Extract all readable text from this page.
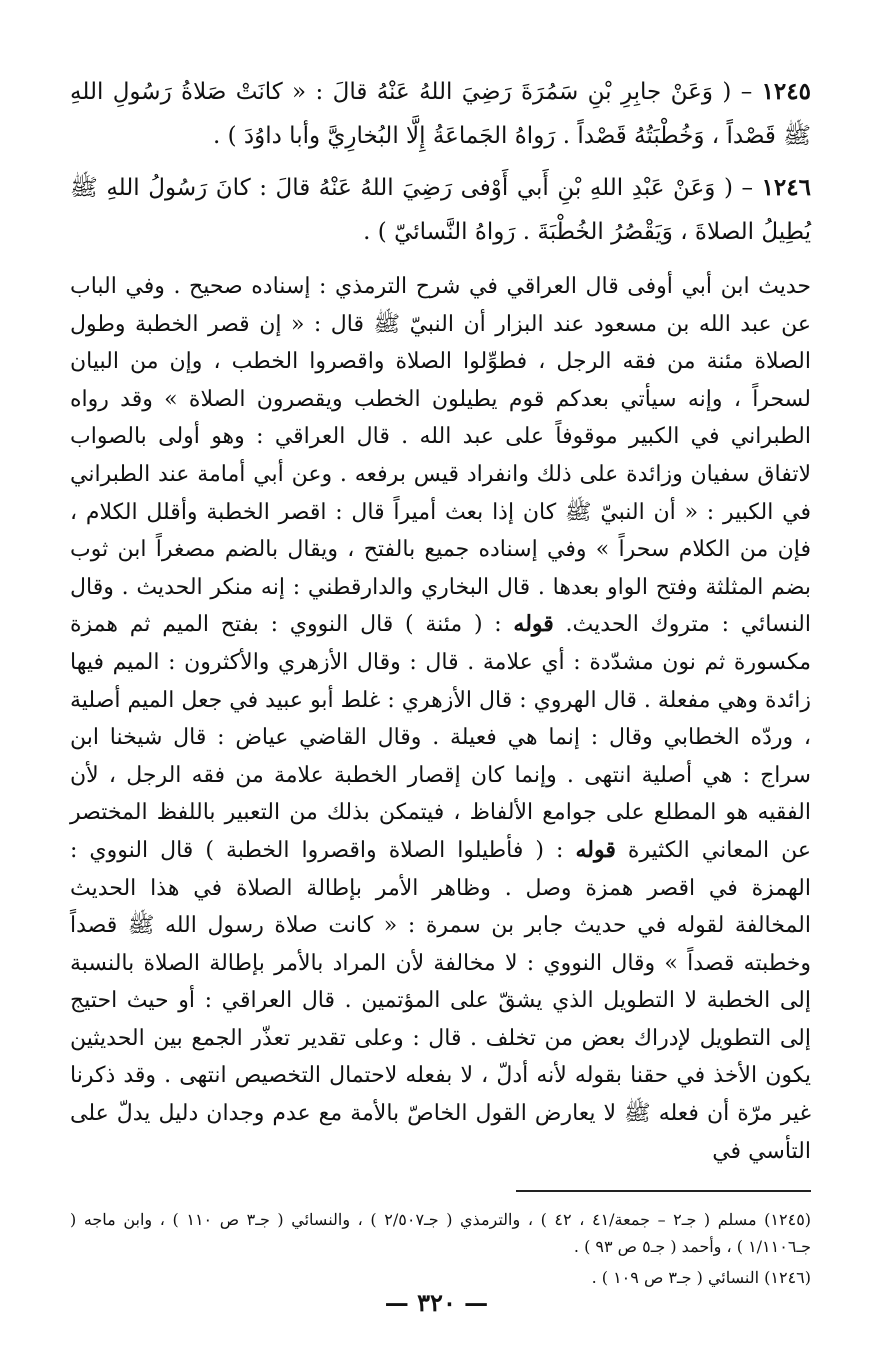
١٢٤٥ – ( وَعَنْ جابِرِ بْنِ سَمُرَةَ رَضِيَ اللهُ عَنْهُ قالَ : « كانَتْ صَلاةُ رَسُولِ اللهِ ﷺ قَصْداً ، وَخُطْبَتُهُ قَصْداً . رَواهُ الجَماعَةُ إِلَّا البُخارِيَّ وأبا داوُدَ ) .

١٢٤٦ – ( وَعَنْ عَبْدِ اللهِ بْنِ أَبي أَوْفى رَضِيَ اللهُ عَنْهُ قالَ : كانَ رَسُولُ اللهِ ﷺ يُطِيلُ الصلاةَ ، وَيَقْصُرُ الخُطْبَةَ . رَواهُ النَّسائيّ ) .

حديث ابن أبي أوفى قال العراقي في شرح الترمذي : إسناده صحيح . وفي الباب عن عبد الله بن مسعود عند البزار أن النبيّ ﷺ قال : « إن قصر الخطبة وطول الصلاة مئنة من فقه الرجل ، فطوِّلوا الصلاة واقصروا الخطب ، وإن من البيان لسحراً ، وإنه سيأتي بعدكم قوم يطيلون الخطب ويقصرون الصلاة » وقد رواه الطبراني في الكبير موقوفاً على عبد الله . قال العراقي : وهو أولى بالصواب لاتفاق سفيان وزائدة على ذلك وانفراد قيس برفعه . وعن أبي أمامة عند الطبراني في الكبير : « أن النبيّ ﷺ كان إذا بعث أميراً قال : اقصر الخطبة وأقلل الكلام ، فإن من الكلام سحراً » وفي إسناده جميع بالفتح ، ويقال بالضم مصغراً ابن ثوب بضم المثلثة وفتح الواو بعدها . قال البخاري والدارقطني : إنه منكر الحديث . وقال النسائي : متروك الحديث. قوله : ( مئنة ) قال النووي : بفتح الميم ثم همزة مكسورة ثم نون مشدّدة : أي علامة . قال : وقال الأزهري والأكثرون : الميم فيها زائدة وهي مفعلة . قال الهروي : قال الأزهري : غلط أبو عبيد في جعل الميم أصلية ، وردّه الخطابي وقال : إنما هي فعيلة . وقال القاضي عياض : قال شيخنا ابن سراج : هي أصلية انتهى . وإنما كان إقصار الخطبة علامة من فقه الرجل ، لأن الفقيه هو المطلع على جوامع الألفاظ ، فيتمكن بذلك من التعبير باللفظ المختصر عن المعاني الكثيرة قوله : ( فأطيلوا الصلاة واقصروا الخطبة ) قال النووي : الهمزة في اقصر همزة وصل . وظاهر الأمر بإطالة الصلاة في هذا الحديث المخالفة لقوله في حديث جابر بن سمرة : « كانت صلاة رسول الله ﷺ قصداً وخطبته قصداً » وقال النووي : لا مخالفة لأن المراد بالأمر بإطالة الصلاة بالنسبة إلى الخطبة لا التطويل الذي يشقّ على المؤتمين . قال العراقي : أو حيث احتيج إلى التطويل لإدراك بعض من تخلف . قال : وعلى تقدير تعذّر الجمع بين الحديثين يكون الأخذ في حقنا بقوله لأنه أدلّ ، لا بفعله لاحتمال التخصيص انتهى . وقد ذكرنا غير مرّة أن فعله ﷺ لا يعارض القول الخاصّ بالأمة مع عدم وجدان دليل يدلّ على التأسي في

(١٢٤٥) مسلم ( جـ٢ – جمعة/٤١ ، ٤٢ ) ، والترمذي ( جـ٢/٥٠٧ ) ، والنسائي ( جـ٣ ص ١١٠ ) ، وابن ماجه ( جـ١/١١٠٦ ) ، وأحمد ( جـ٥ ص ٩٣ ) .

(١٢٤٦) النسائي ( جـ٣ ص ١٠٩ ) .

— ٣٢٠ —
